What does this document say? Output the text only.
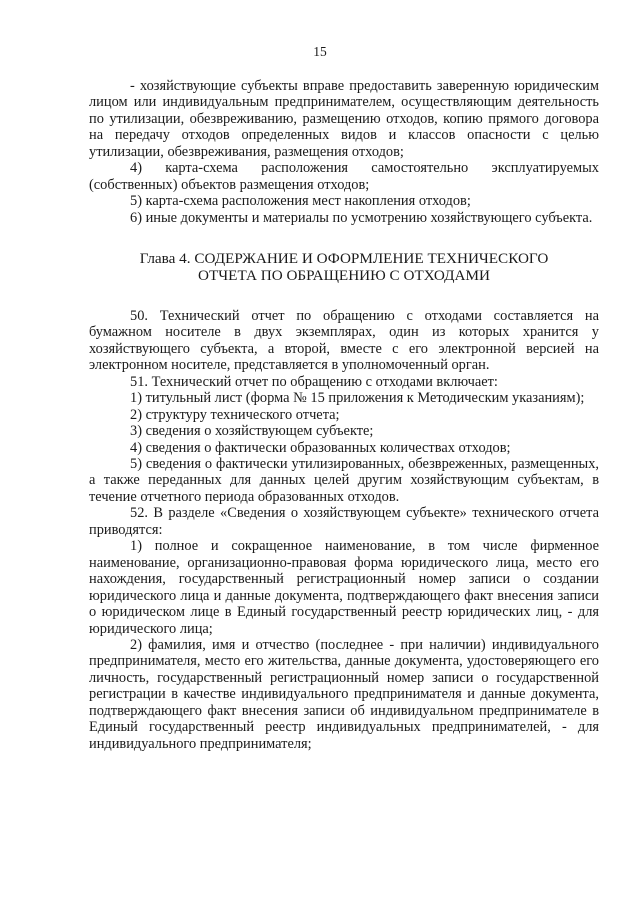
15

- хозяйствующие субъекты вправе предоставить заверенную юридическим лицом или индивидуальным предпринимателем, осуществляющим деятельность по утилизации, обезвреживанию, размещению отходов, копию прямого договора на передачу отходов определенных видов и классов опасности с целью утилизации, обезвреживания, размещения отходов;

4) карта-схема расположения самостоятельно эксплуатируемых (собственных) объектов размещения отходов;

5) карта-схема расположения мест накопления отходов;

6) иные документы и материалы по усмотрению хозяйствующего субъекта.

Глава 4. СОДЕРЖАНИЕ И ОФОРМЛЕНИЕ ТЕХНИЧЕСКОГО
ОТЧЕТА ПО ОБРАЩЕНИЮ С ОТХОДАМИ

50. Технический отчет по обращению с отходами составляется на бумажном носителе в двух экземплярах, один из которых хранится у хозяйствующего субъекта, а второй, вместе с его электронной версией на электронном носителе, представляется в уполномоченный орган.

51. Технический отчет по обращению с отходами включает:

1) титульный лист (форма № 15 приложения к Методическим указаниям);

2) структуру технического отчета;

3) сведения о хозяйствующем субъекте;

4) сведения о фактически образованных количествах отходов;

5) сведения о фактически утилизированных, обезвреженных, размещенных, а также переданных для данных целей другим хозяйствующим субъектам, в течение отчетного периода образованных отходов.

52. В разделе «Сведения о хозяйствующем субъекте» технического отчета приводятся:

1) полное и сокращенное наименование, в том числе фирменное наименование, организационно-правовая форма юридического лица, место его нахождения, государственный регистрационный номер записи о создании юридического лица и данные документа, подтверждающего факт внесения записи о юридическом лице в Единый государственный реестр юридических лиц, - для юридического лица;

2) фамилия, имя и отчество (последнее - при наличии) индивидуального предпринимателя, место его жительства, данные документа, удостоверяющего его личность, государственный регистрационный номер записи о государственной регистрации в качестве индивидуального предпринимателя и данные документа, подтверждающего факт внесения записи об индивидуальном предпринимателе в Единый государственный реестр индивидуальных предпринимателей, - для индивидуального предпринимателя;
